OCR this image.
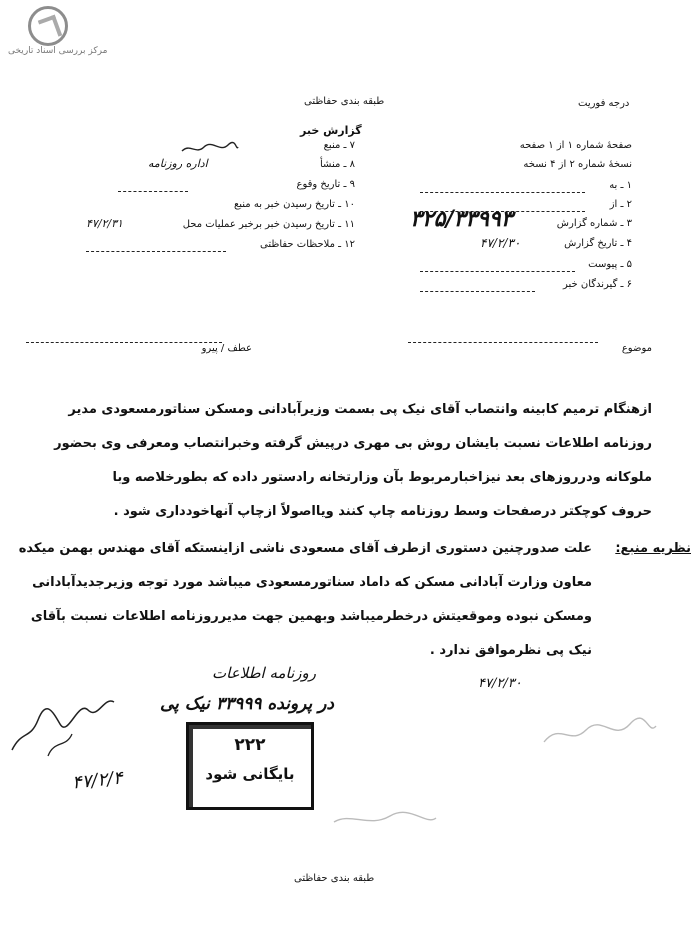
مرکز بررسی اسناد تاریخی
طبقه بندی حفاظتی	درجه فوریت
گزارش خبر
صفحهٔ شماره ۱ از ۱ صفحه
نسخهٔ شماره ۲ از ۴ نسخه
۱ ـ به
۲ ـ از
۳ ـ شماره گزارش
۳۲۵/۳۳۹۹۳
۴ ـ تاریخ گزارش
۴۷/۲/۳۰
۵ ـ پیوست
۶ ـ گیرندگان خبر
۷ ـ منبع
۸ ـ منشأ
اداره روزنامه
۹ ـ تاریخ وقوع
۱۰ ـ تاریخ رسیدن خبر به منبع
۱۱ ـ تاریخ رسیدن خبر برخبر عملیات محل
۴۷/۲/۳۱
۱۲ ـ ملاحظات حفاظتی
عطف / پیرو	موضوع
ازهنگام ترمیم کابینه وانتصاب آقای نیک پی بسمت وزیرآبادانی ومسکن سناتورمسعودی مدیر
روزنامه اطلاعات نسبت بایشان روش بی مهری درپیش گرفته وخبرانتصاب ومعرفی وی بحضور
ملوکانه ودرروزهای بعد نیزاخبارمربوط بآن وزارتخانه رادستور داده که بطورخلاصه وبا
حروف کوچکتر درصفحات وسط روزنامه چاپ کنند ویااصولاً ازچاپ آنهاخودداری شود .
نظریه منبع:
علت صدورچنین دستوری ازطرف آقای مسعودی ناشی ازاینستکه آقای مهندس بهمن میکده
معاون وزارت آبادانی مسکن که داماد سناتورمسعودی میباشد مورد توجه وزیرجدیدآبادانی
ومسکن نبوده وموقعیتش درخطرمیباشد وبهمین جهت مدیرروزنامه اطلاعات نسبت بآقای
نیک پی نظرموافق ندارد .
روزنامه اطلاعات
در پرونده ۳۳۹۹۹ نیک پی
۴۷/۲/۳۰
۴۷/۲/۴
۲۲۲
بایگانی شود
طبقه بندی حفاظتی
